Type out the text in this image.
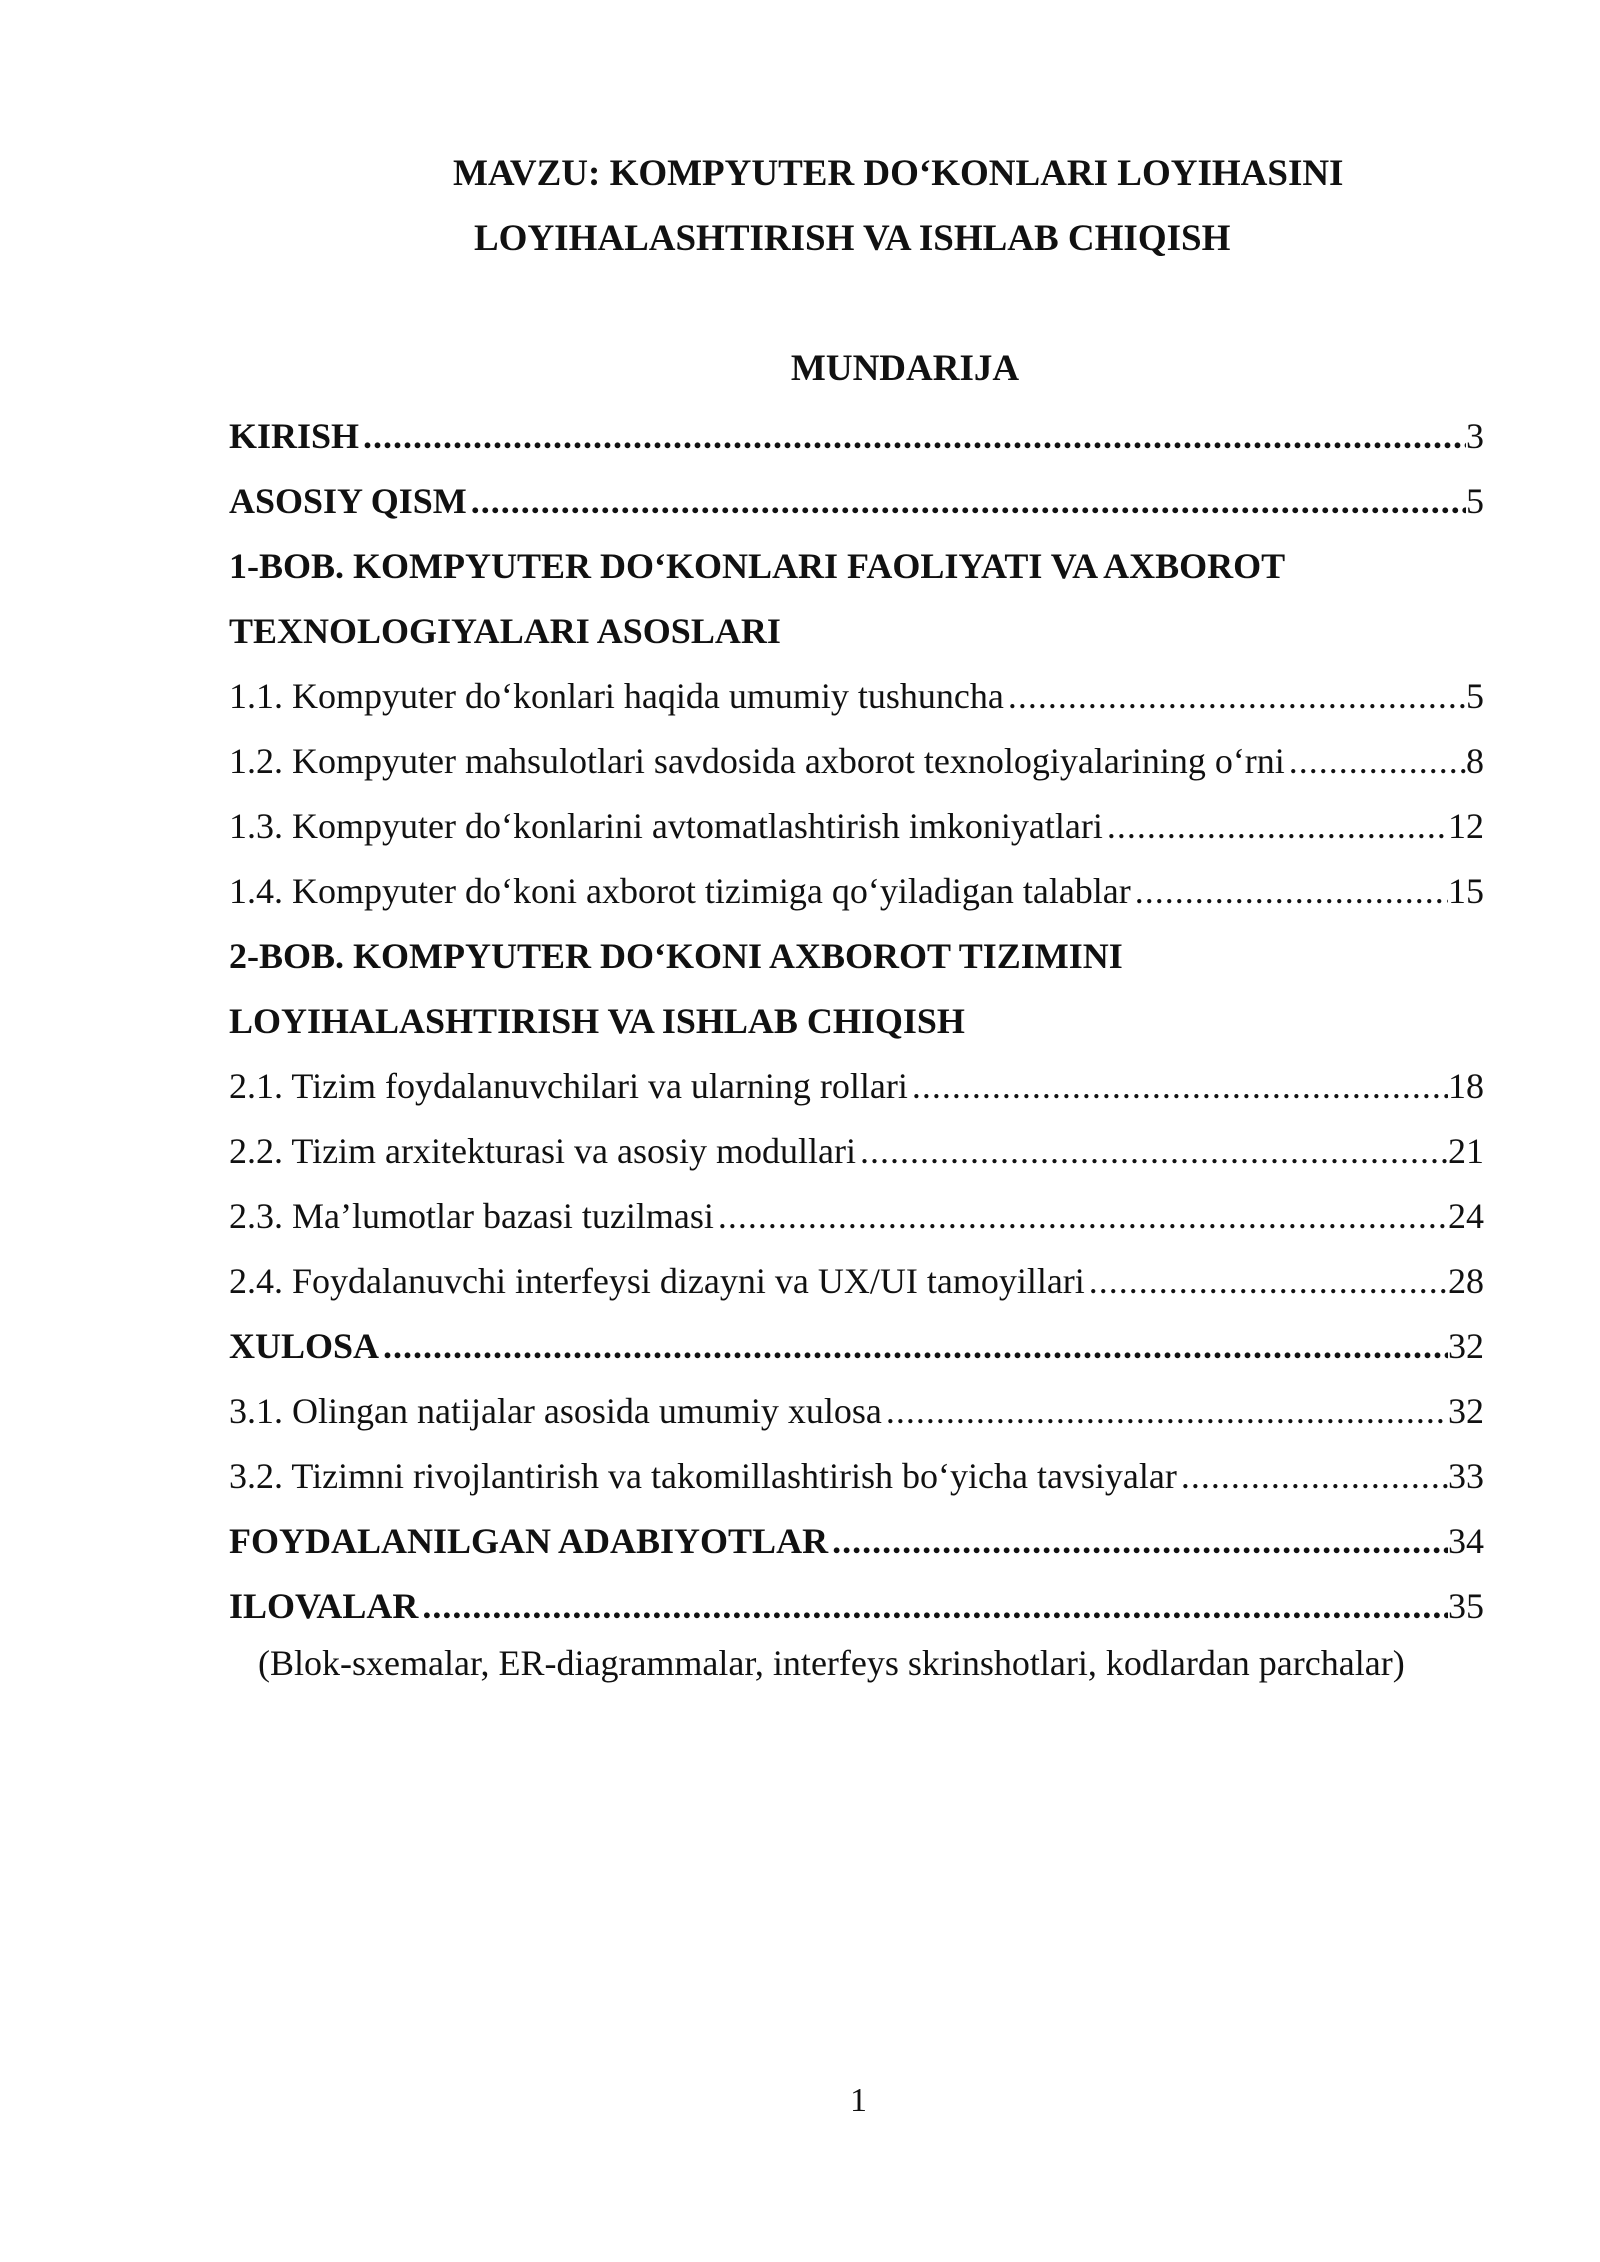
MAVZU: KOMPYUTER DO‘KONLARI LOYIHASINI
LOYIHALASHTIRISH VA ISHLAB CHIQISH
MUNDARIJA
KIRISH .....	3
ASOSIY QISM .....	5
1-BOB. KOMPYUTER DO‘KONLARI FAOLIYATI VA AXBOROT
TEXNOLOGIYALARI ASOSLARI
1.1. Kompyuter do‘konlari haqida umumiy tushuncha .....	5
1.2. Kompyuter mahsulotlari savdosida axborot texnologiyalarining o‘rni .....	8
1.3. Kompyuter do‘konlarini avtomatlashtirish imkoniyatlari .....	12
1.4. Kompyuter do‘koni axborot tizimiga qo‘yiladigan talablar .....	15
2-BOB. KOMPYUTER DO‘KONI AXBOROT TIZIMINI
LOYIHALASHTIRISH VA ISHLAB CHIQISH
2.1. Tizim foydalanuvchilari va ularning rollari .....	18
2.2. Tizim arxitekturasi va asosiy modullari .....	21
2.3. Ma’lumotlar bazasi tuzilmasi .....	24
2.4. Foydalanuvchi interfeysi dizayni va UX/UI tamoyillari .....	28
XULOSA .....	32
3.1. Olingan natijalar asosida umumiy xulosa .....	32
3.2. Tizimni rivojlantirish va takomillashtirish bo‘yicha tavsiyalar .....	33
FOYDALANILGAN ADABIYOTLAR .....	34
ILOVALAR .....	35
(Blok-sxemalar, ER-diagrammalar, interfeys skrinshotlari, kodlardan parchalar)
1
